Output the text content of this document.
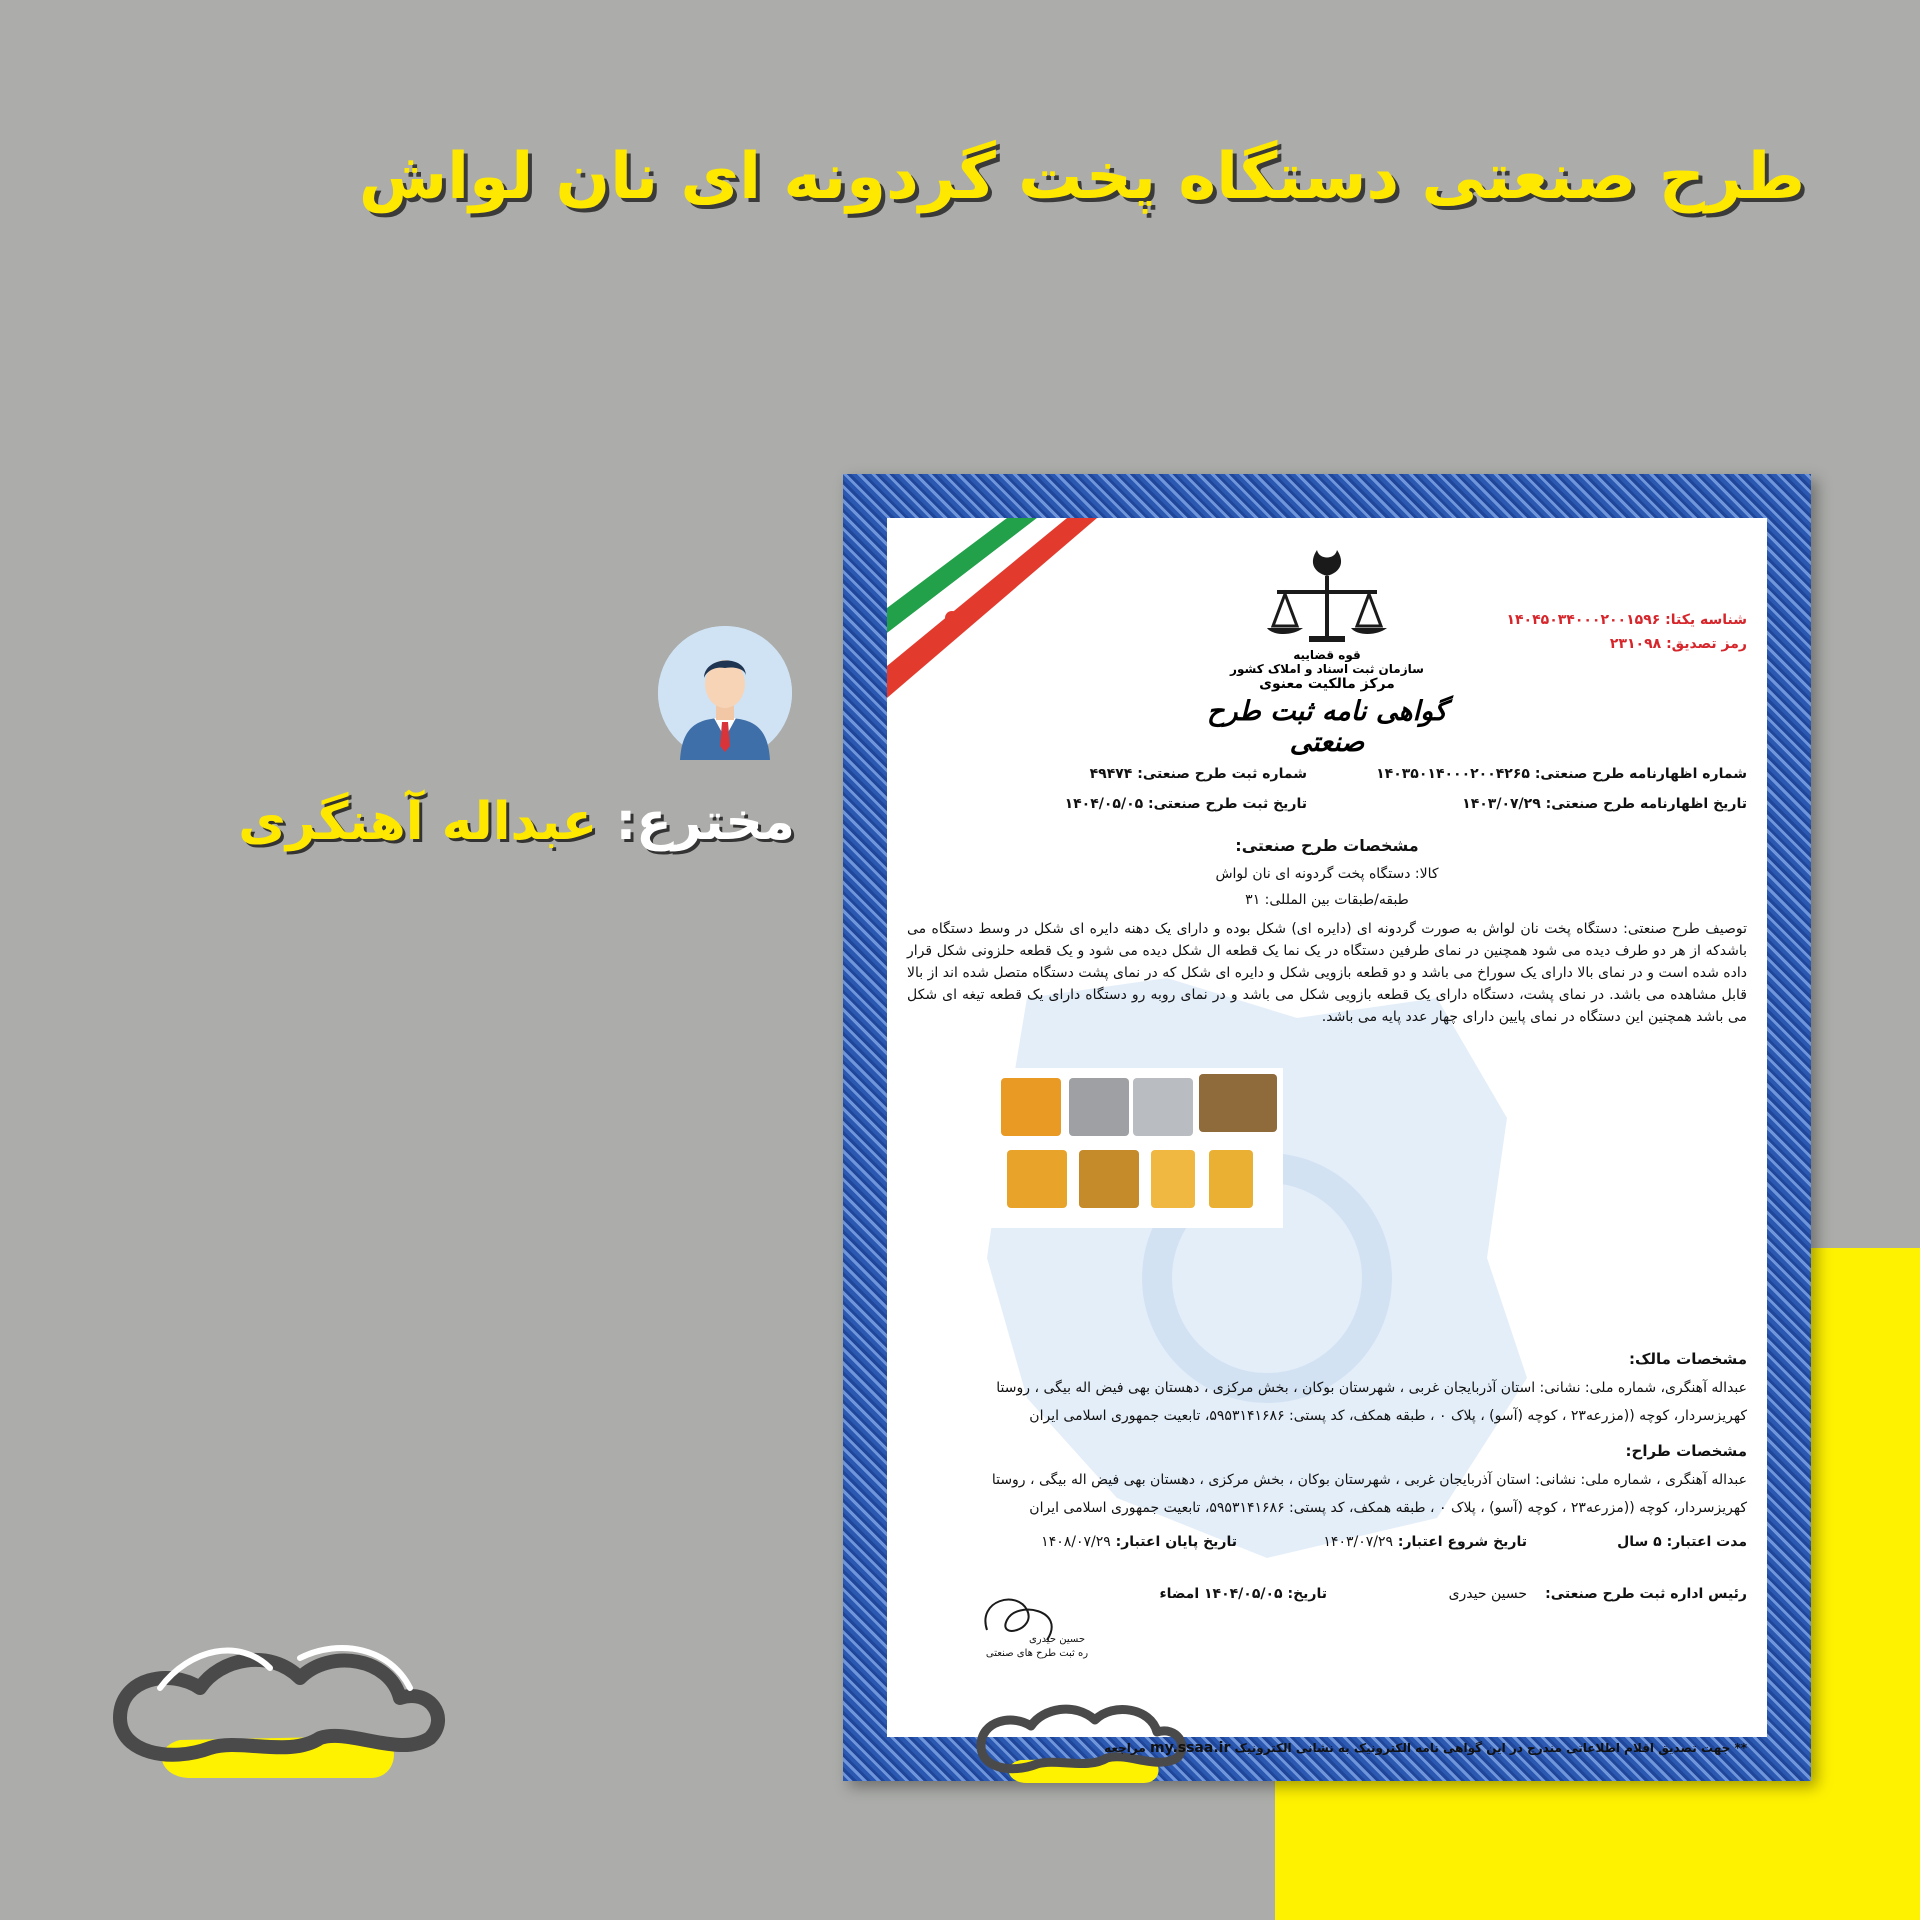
طرح صنعتی دستگاه پخت گردونه ای نان لواش
مخترع: عبداله آهنگری
شناسه یکتا: ۱۴۰۴۵۰۳۴۰۰۰۲۰۰۱۵۹۶
رمز تصدیق: ۲۳۱۰۹۸
قوه قضاییه
سازمان ثبت اسناد و املاک کشور
مرکز مالکیت معنوی
گواهی نامه ثبت طرح صنعتی
شماره اظهارنامه طرح صنعتی: ۱۴۰۳۵۰۱۴۰۰۰۲۰۰۴۲۶۵
تاریخ اظهارنامه طرح صنعتی: ۱۴۰۳/۰۷/۲۹
شماره ثبت طرح صنعتی: ۴۹۴۷۴
تاریخ ثبت طرح صنعتی: ۱۴۰۴/۰۵/۰۵
مشخصات طرح صنعتی:
کالا: دستگاه پخت گردونه ای نان لواش
طبقه/طبقات بین المللی: ۳۱
توصیف طرح صنعتی: دستگاه پخت نان لواش به صورت گردونه ای (دایره ای) شکل بوده و دارای یک دهنه دایره ای شکل در وسط دستگاه می باشدکه از هر دو طرف دیده می شود همچنین در نمای طرفین دستگاه در یک نما یک قطعه ال شکل دیده می شود و یک قطعه حلزونی شکل قرار داده شده است و در نمای بالا دارای یک سوراخ می باشد و دو قطعه بازویی شکل و دایره ای شکل که در نمای پشت دستگاه متصل شده اند از بالا قابل مشاهده می باشد. در نمای پشت، دستگاه دارای یک قطعه بازویی شکل می باشد و در نمای روبه رو دستگاه دارای یک قطعه تیغه ای شکل می باشد همچنین این دستگاه در نمای پایین دارای چهار عدد پایه می باشد.
مشخصات مالک:
عبداله آهنگری، شماره ملی: نشانی: استان آذربایجان غربی ، شهرستان بوکان ، بخش مرکزی ، دهستان بهی فیض اله بیگی ، روستا
کهریزسردار، کوچه ((مزرعه۲۳ ، کوچه (آسو) ، پلاک ۰ ، طبقه همکف، کد پستی: ۵۹۵۳۱۴۱۶۸۶، تابعیت جمهوری اسلامی ایران
مشخصات طراح:
عبداله آهنگری ، شماره ملی: نشانی: استان آذربایجان غربی ، شهرستان بوکان ، بخش مرکزی ، دهستان بهی فیض اله بیگی ، روستا
کهریزسردار، کوچه ((مزرعه۲۳ ، کوچه (آسو) ، پلاک ۰ ، طبقه همکف، کد پستی: ۵۹۵۳۱۴۱۶۸۶، تابعیت جمهوری اسلامی ایران
مدت اعتبار: ۵ سال
تاریخ شروع اعتبار: ۱۴۰۳/۰۷/۲۹
تاریخ پایان اعتبار: ۱۴۰۸/۰۷/۲۹
رئیس اداره ثبت طرح صنعتی:
حسین حیدری
تاریخ: ۱۴۰۴/۰۵/۰۵ امضاء
حسین حیدری
ره ثبت طرح های صنعتی
** جهت تصدیق اقلام اطلاعاتی مندرج در این گواهی نامه الکترونیک به نشانی الکترونیک my.ssaa.ir مراجعه
